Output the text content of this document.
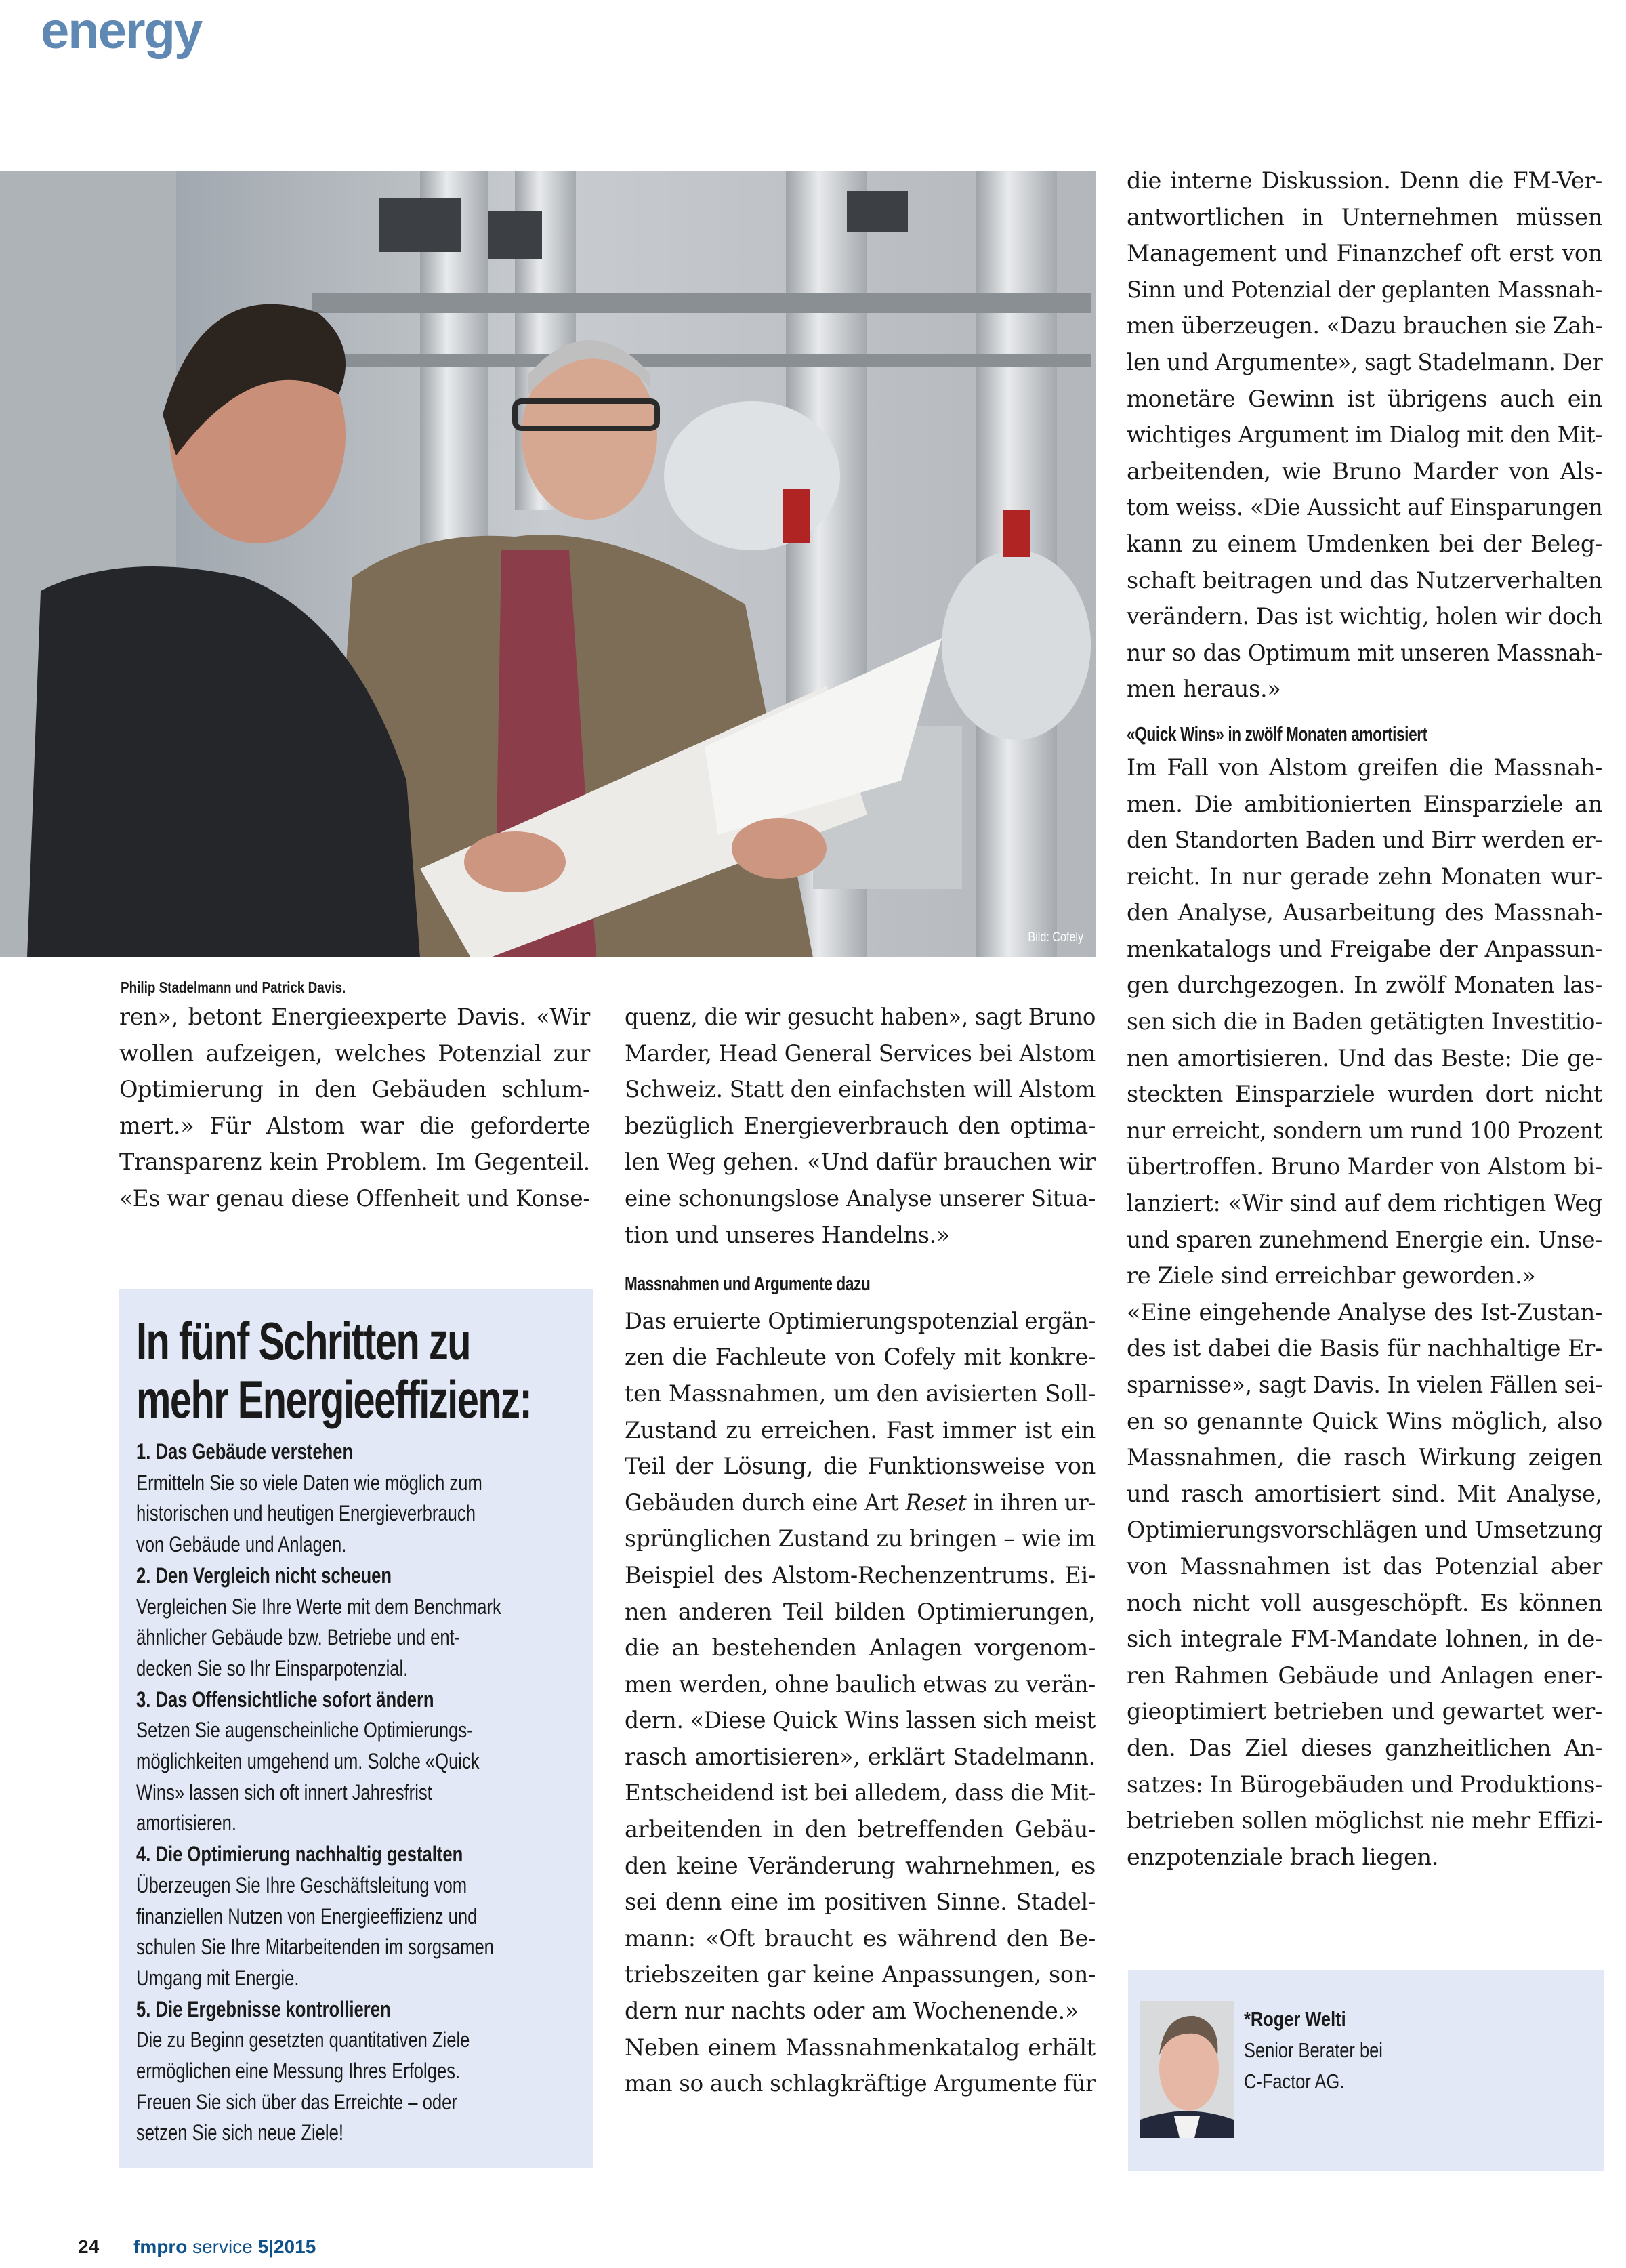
energy
Bild: Cofely
Philip Stadelmann und Patrick Davis.
ren», betont Energieexperte Davis. «Wir
wollen aufzeigen, welches Potenzial zur
Optimierung in den Gebäuden schlum-
mert.» Für Alstom war die geforderte
Transparenz kein Problem. Im Gegenteil.
«Es war genau diese Offenheit und Konse-
In fünf Schritten zu
mehr Energieeffizienz:
1. Das Gebäude verstehen
Ermitteln Sie so viele Daten wie möglich zum
historischen und heutigen Energieverbrauch
von Gebäude und Anlagen.
2. Den Vergleich nicht scheuen
Vergleichen Sie Ihre Werte mit dem Benchmark
ähnlicher Gebäude bzw. Betriebe und ent-
decken Sie so Ihr Einsparpotenzial.
3. Das Offensichtliche sofort ändern
Setzen Sie augenscheinliche Optimierungs-
möglichkeiten umgehend um. Solche «Quick
Wins» lassen sich oft innert Jahresfrist
amortisieren.
4. Die Optimierung nachhaltig gestalten
Überzeugen Sie Ihre Geschäftsleitung vom
finanziellen Nutzen von Energieeffizienz und
schulen Sie Ihre Mitarbeitenden im sorgsamen
Umgang mit Energie.
5. Die Ergebnisse kontrollieren
Die zu Beginn gesetzten quantitativen Ziele
ermöglichen eine Messung Ihres Erfolges.
Freuen Sie sich über das Erreichte – oder
setzen Sie sich neue Ziele!
quenz, die wir gesucht haben», sagt Bruno
Marder, Head General Services bei Alstom
Schweiz. Statt den einfachsten will Alstom
bezüglich Energieverbrauch den optima-
len Weg gehen. «Und dafür brauchen wir
eine schonungslose Analyse unserer Situa-
tion und unseres Handelns.»
Massnahmen und Argumente dazu
Das eruierte Optimierungspotenzial ergän-
zen die Fachleute von Cofely mit konkre-
ten Massnahmen, um den avisierten Soll-
Zustand zu erreichen. Fast immer ist ein
Teil der Lösung, die Funktionsweise von
Gebäuden durch eine Art Reset in ihren ur-
sprünglichen Zustand zu bringen – wie im
Beispiel des Alstom-Rechenzentrums. Ei-
nen anderen Teil bilden Optimierungen,
die an bestehenden Anlagen vorgenom-
men werden, ohne baulich etwas zu verän-
dern. «Diese Quick Wins lassen sich meist
rasch amortisieren», erklärt Stadelmann.
Entscheidend ist bei alledem, dass die Mit-
arbeitenden in den betreffenden Gebäu-
den keine Veränderung wahrnehmen, es
sei denn eine im positiven Sinne. Stadel-
mann: «Oft braucht es während den Be-
triebszeiten gar keine Anpassungen, son-
dern nur nachts oder am Wochenende.»
Neben einem Massnahmenkatalog erhält
man so auch schlagkräftige Argumente für
die interne Diskussion. Denn die FM-Ver-
antwortlichen in Unternehmen müssen
Management und Finanzchef oft erst von
Sinn und Potenzial der geplanten Massnah-
men überzeugen. «Dazu brauchen sie Zah-
len und Argumente», sagt Stadelmann. Der
monetäre Gewinn ist übrigens auch ein
wichtiges Argument im Dialog mit den Mit-
arbeitenden, wie Bruno Marder von Als-
tom weiss. «Die Aussicht auf Einsparungen
kann zu einem Umdenken bei der Beleg-
schaft beitragen und das Nutzerverhalten
verändern. Das ist wichtig, holen wir doch
nur so das Optimum mit unseren Massnah-
men heraus.»
«Quick Wins» in zwölf Monaten amortisiert
Im Fall von Alstom greifen die Massnah-
men. Die ambitionierten Einsparziele an
den Standorten Baden und Birr werden er-
reicht. In nur gerade zehn Monaten wur-
den Analyse, Ausarbeitung des Massnah-
menkatalogs und Freigabe der Anpassun-
gen durchgezogen. In zwölf Monaten las-
sen sich die in Baden getätigten Investitio-
nen amortisieren. Und das Beste: Die ge-
steckten Einsparziele wurden dort nicht
nur erreicht, sondern um rund 100 Prozent
übertroffen. Bruno Marder von Alstom bi-
lanziert: «Wir sind auf dem richtigen Weg
und sparen zunehmend Energie ein. Unse-
re Ziele sind erreichbar geworden.»
«Eine eingehende Analyse des Ist-Zustan-
des ist dabei die Basis für nachhaltige Er-
sparnisse», sagt Davis. In vielen Fällen sei-
en so genannte Quick Wins möglich, also
Massnahmen, die rasch Wirkung zeigen
und rasch amortisiert sind. Mit Analyse,
Optimierungsvorschlägen und Umsetzung
von Massnahmen ist das Potenzial aber
noch nicht voll ausgeschöpft. Es können
sich integrale FM-Mandate lohnen, in de-
ren Rahmen Gebäude und Anlagen ener-
gieoptimiert betrieben und gewartet wer-
den. Das Ziel dieses ganzheitlichen An-
satzes: In Bürogebäuden und Produktions-
betrieben sollen möglichst nie mehr Effizi-
enzpotenziale brach liegen.
*Roger Welti
Senior Berater bei
C-Factor AG.
24 fmpro service 5|2015
